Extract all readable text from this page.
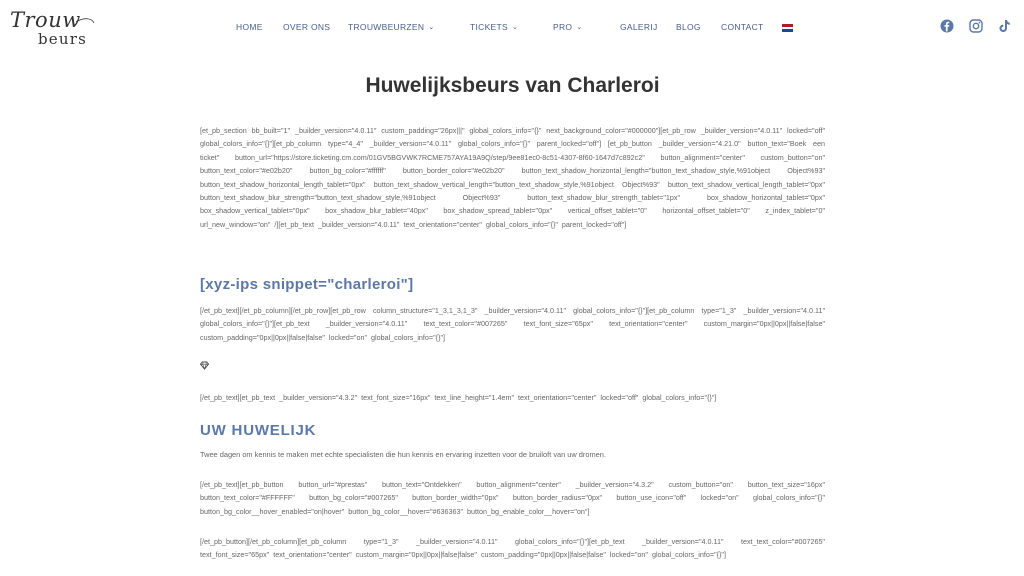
Trouw
beurs
HOME OVER ONS TROUWBEURZEN ⌄	TICKETS ⌄	PRO ⌄	GALERIJ BLOG CONTACT
Huwelijksbeurs van Charleroi

[et_pb_section bb_built="1" _builder_version="4.0.11" custom_padding="26px|||" global_colors_info="{}" next_background_color="#000000"][et_pb_row _builder_version="4.0.11" locked="off" global_colors_info="{}"][et_pb_column type="4_4" _builder_version="4.0.11" global_colors_info="{}" parent_locked="off"] [et_pb_button _builder_version="4.21.0" button_text="Boek een ticket" button_url="https://store.ticketing.cm.com/01GV5BGVWK7RCME757AYA19A9Q/step/9ee81ec0-8c51-4307-8f60-1647d7c892c2" button_alignment="center" custom_button="on" button_text_color="#e02b20" button_bg_color="#ffffff" button_border_color="#e02b20" button_text_shadow_horizontal_length="button_text_shadow_style,%91object Object%93" button_text_shadow_horizontal_length_tablet="0px" button_text_shadow_vertical_length="button_text_shadow_style,%91object Object%93" button_text_shadow_vertical_length_tablet="0px" button_text_shadow_blur_strength="button_text_shadow_style,%91object Object%93" button_text_shadow_blur_strength_tablet="1px" box_shadow_horizontal_tablet="0px" box_shadow_vertical_tablet="0px" box_shadow_blur_tablet="40px" box_shadow_spread_tablet="0px" vertical_offset_tablet="0" horizontal_offset_tablet="0" z_index_tablet="0" url_new_window="on" /][et_pb_text _builder_version="4.0.11" text_orientation="center" global_colors_info="{}" parent_locked="off"]

[xyz-ips snippet="charleroi"]

[/et_pb_text][/et_pb_column][/et_pb_row][et_pb_row column_structure="1_3,1_3,1_3" _builder_version="4.0.11" global_colors_info="{}"][et_pb_column type="1_3" _builder_version="4.0.11" global_colors_info="{}"][et_pb_text _builder_version="4.0.11" text_text_color="#007265" text_font_size="65px" text_orientation="center" custom_margin="0px||0px||false|false" custom_padding="0px||0px||false|false" locked="on" global_colors_info="{}"]

[/et_pb_text][et_pb_text _builder_version="4.3.2" text_font_size="16px" text_line_height="1.4em" text_orientation="center" locked="off" global_colors_info="{}"]

UW HUWELIJK

Twee dagen om kennis te maken met echte specialisten die hun kennis en ervaring inzetten voor de bruiloft van uw dromen.

[/et_pb_text][et_pb_button button_url="#prestas" button_text="Ontdekken" button_alignment="center" _builder_version="4.3.2" custom_button="on" button_text_size="16px" button_text_color="#FFFFFF" button_bg_color="#007265" button_border_width="0px" button_border_radius="0px" button_use_icon="off" locked="on" global_colors_info="{}" button_bg_color__hover_enabled="on|hover" button_bg_color__hover="#636363" button_bg_enable_color__hover="on"]

[/et_pb_button][/et_pb_column][et_pb_column type="1_3" _builder_version="4.0.11" global_colors_info="{}"][et_pb_text _builder_version="4.0.11" text_text_color="#007265" text_font_size="65px" text_orientation="center" custom_margin="0px||0px||false|false" custom_padding="0px||0px||false|false" locked="on" global_colors_info="{}"]
